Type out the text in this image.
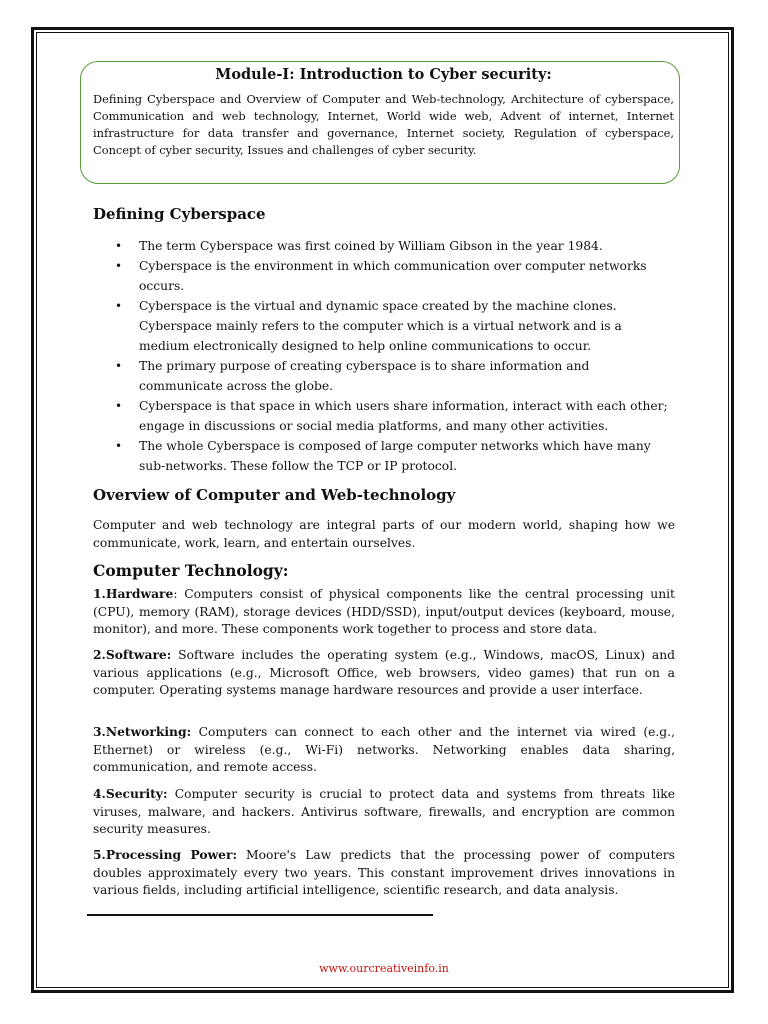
Module-I: Introduction to Cyber security:

Defining Cyberspace and Overview of Computer and Web-technology, Architecture of cyberspace, Communication and web technology, Internet, World wide web, Advent of internet, Internet infrastructure for data transfer and governance, Internet society, Regulation of cyberspace, Concept of cyber security, Issues and challenges of cyber security.

Defining Cyberspace
• The term Cyberspace was first coined by William Gibson in the year 1984.
• Cyberspace is the environment in which communication over computer networks occurs.
• Cyberspace is the virtual and dynamic space created by the machine clones. Cyberspace mainly refers to the computer which is a virtual network and is a medium electronically designed to help online communications to occur.
• The primary purpose of creating cyberspace is to share information and communicate across the globe.
• Cyberspace is that space in which users share information, interact with each other; engage in discussions or social media platforms, and many other activities.
• The whole Cyberspace is composed of large computer networks which have many sub-networks. These follow the TCP or IP protocol.
Overview of Computer and Web-technology

Computer and web technology are integral parts of our modern world, shaping how we communicate, work, learn, and entertain ourselves.

Computer Technology:

1.Hardware: Computers consist of physical components like the central processing unit (CPU), memory (RAM), storage devices (HDD/SSD), input/output devices (keyboard, mouse, monitor), and more. These components work together to process and store data.

2.Software: Software includes the operating system (e.g., Windows, macOS, Linux) and various applications (e.g., Microsoft Office, web browsers, video games) that run on a computer. Operating systems manage hardware resources and provide a user interface.

3.Networking: Computers can connect to each other and the internet via wired (e.g., Ethernet) or wireless (e.g., Wi-Fi) networks. Networking enables data sharing, communication, and remote access.

4.Security: Computer security is crucial to protect data and systems from threats like viruses, malware, and hackers. Antivirus software, firewalls, and encryption are common security measures.

5.Processing Power: Moore's Law predicts that the processing power of computers doubles approximately every two years. This constant improvement drives innovations in various fields, including artificial intelligence, scientific research, and data analysis.

www.ourcreativeinfo.in
